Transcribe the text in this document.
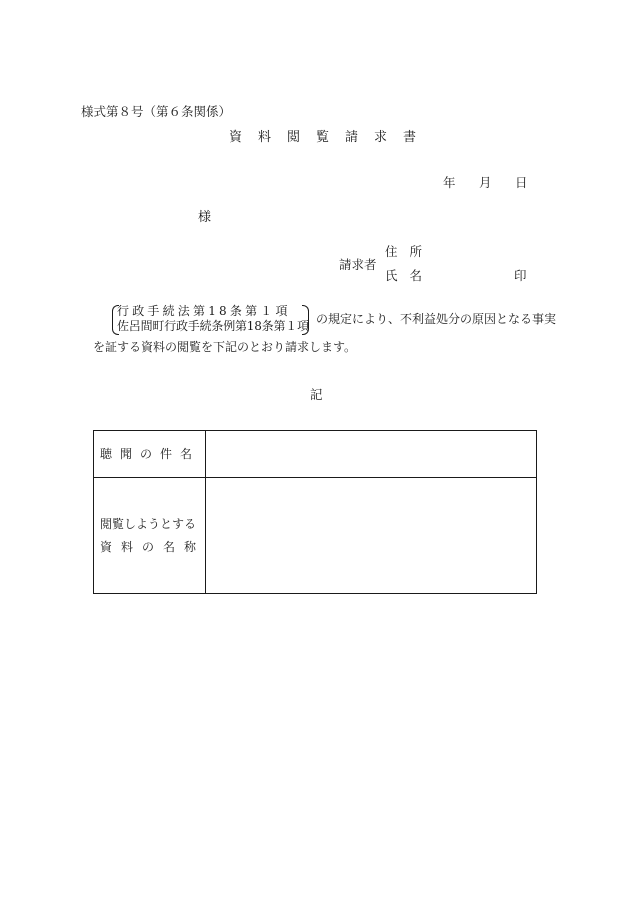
様式第８号（第６条関係）
資料閲覧請求書
年 月 日
様
請求者
住所
氏名	印
行政手続法第18条第１項
佐呂間町行政手続条例第18条第１項 の規定により、不利益処分の原因となる事実
を証する資料の閲覧を下記のとおり請求します。
記
聴聞の件名	

閲覧しようとする
資料の名称	
